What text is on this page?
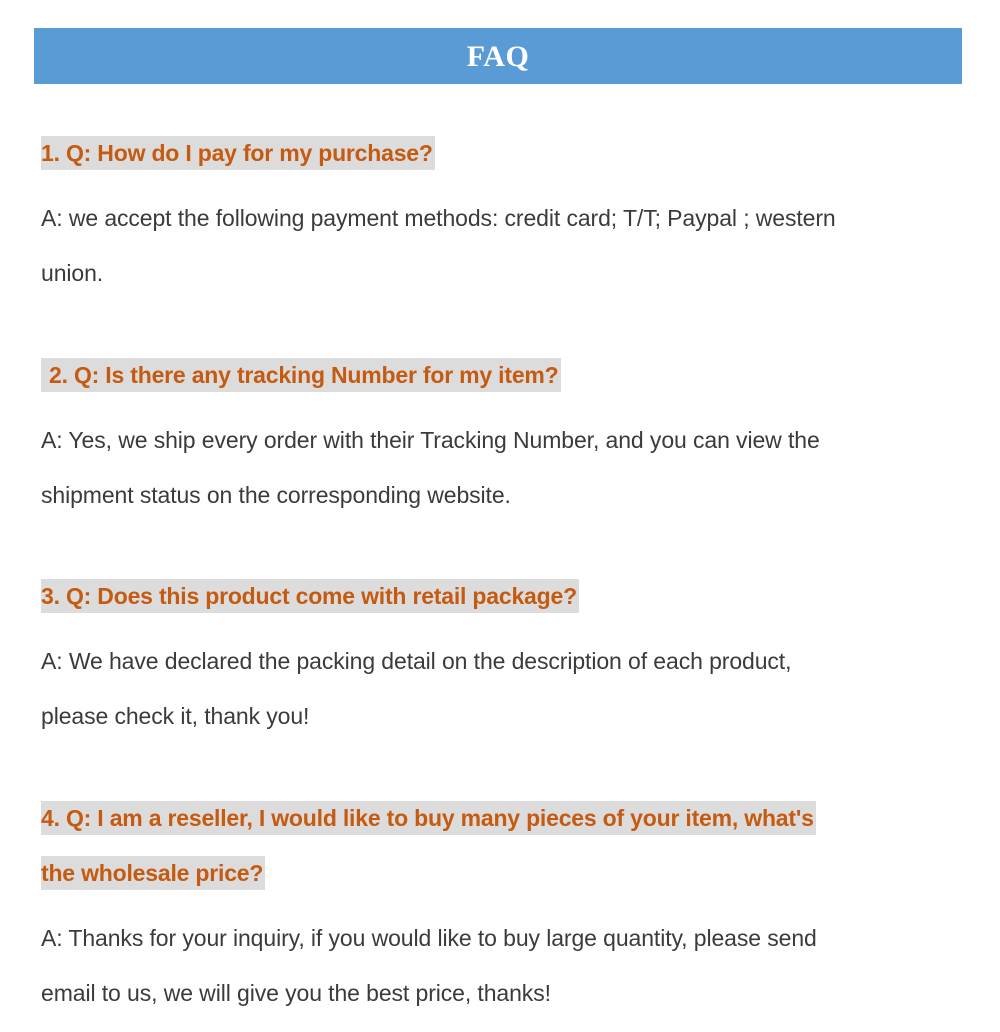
FAQ
1. Q: How do I pay for my purchase?
A: we accept the following payment methods: credit card; T/T; Paypal ; western
union.
2. Q: Is there any tracking Number for my item?
A: Yes, we ship every order with their Tracking Number, and you can view the
shipment status on the corresponding website.
3. Q: Does this product come with retail package?
A: We have declared the packing detail on the description of each product,
please check it, thank you!
4. Q: I am a reseller, I would like to buy many pieces of your item, what's
the wholesale price?
A: Thanks for your inquiry, if you would like to buy large quantity, please send
email to us, we will give you the best price, thanks!
